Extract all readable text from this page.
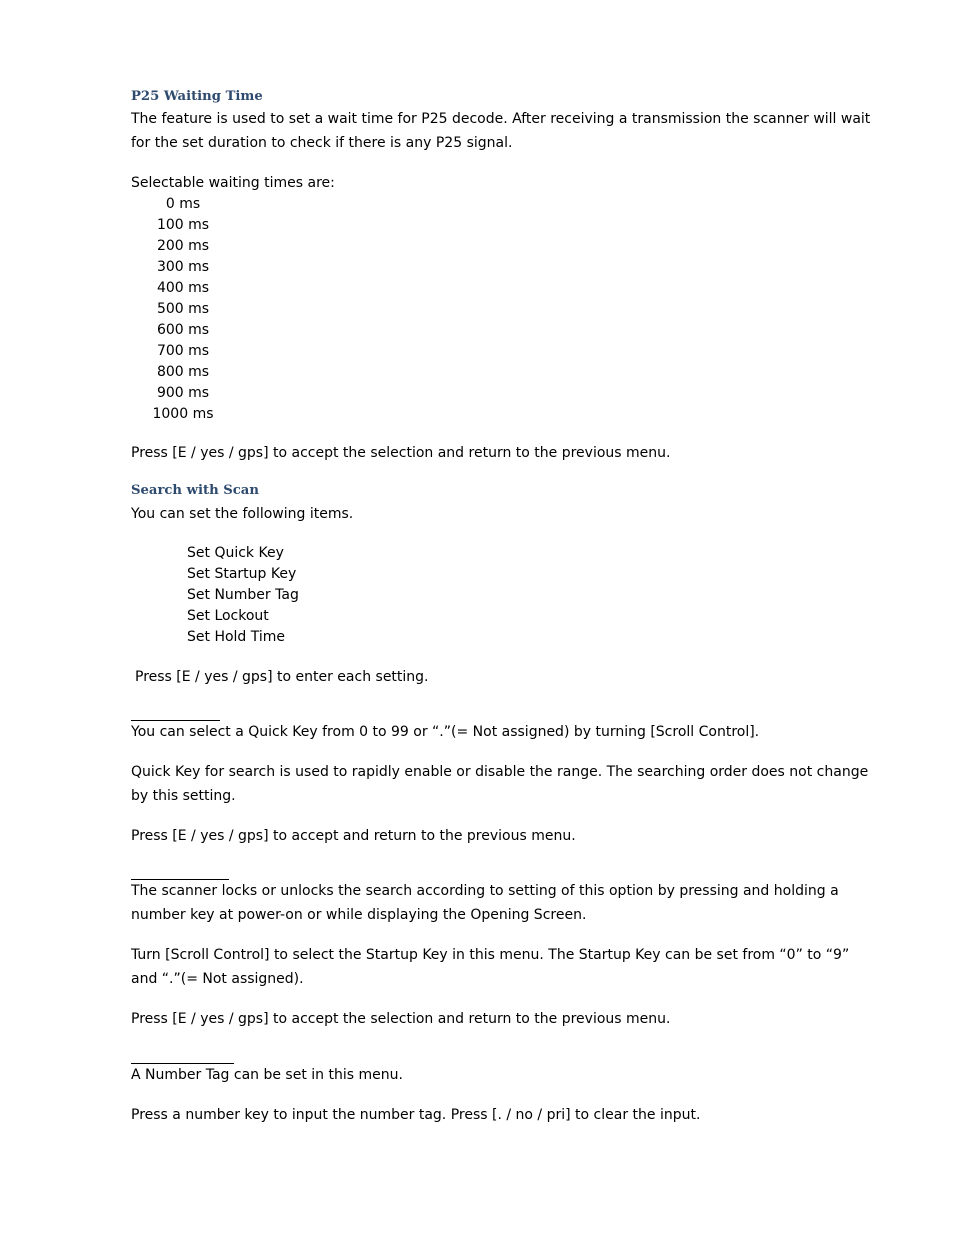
P25 Waiting Time
The feature is used to set a wait time for P25 decode. After receiving a transmission the scanner will wait for the set duration to check if there is any P25 signal.
Selectable waiting times are:
0 ms
100 ms
200 ms
300 ms
400 ms
500 ms
600 ms
700 ms
800 ms
900 ms
1000 ms
Press [E / yes / gps] to accept the selection and return to the previous menu.
Search with Scan
You can set the following items.
Set Quick Key
Set Startup Key
Set Number Tag
Set Lockout
Set Hold Time
Press [E / yes / gps] to enter each setting.
You can select a Quick Key from 0 to 99 or “.”(= Not assigned) by turning [Scroll Control].
Quick Key for search is used to rapidly enable or disable the range. The searching order does not change by this setting.
Press [E / yes / gps] to accept and return to the previous menu.
The scanner locks or unlocks the search according to setting of this option by pressing and holding a number key at power-on or while displaying the Opening Screen.
Turn [Scroll Control] to select the Startup Key in this menu. The Startup Key can be set from “0” to “9” and “.”(= Not assigned).
Press [E / yes / gps] to accept the selection and return to the previous menu.
A Number Tag can be set in this menu.
Press a number key to input the number tag. Press [. / no / pri] to clear the input.
